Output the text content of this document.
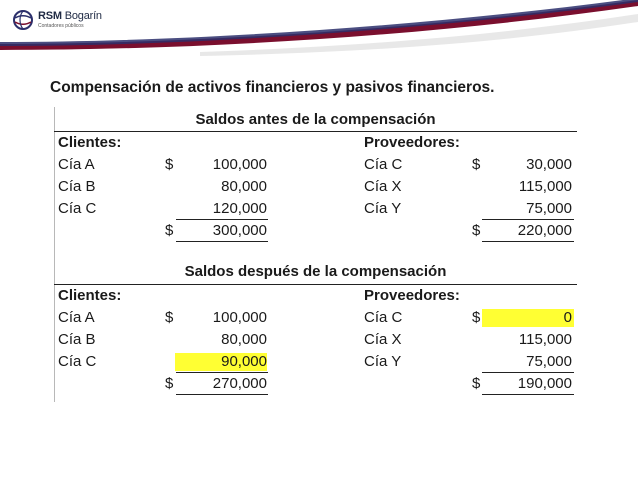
RSM Bogarín
Contadores públicos
Compensación de activos financieros y pasivos financieros.
Saldos antes de la compensación
Clientes:	Proveedores:
Cía A	$	100,000	Cía C	$	30,000
Cía B	80,000	Cía X	115,000
Cía C	120,000	Cía Y	75,000
$	300,000	$	220,000
Saldos después de la compensación
Clientes:	Proveedores:
Cía A	$	100,000	Cía C	$	0
Cía B	80,000	Cía X	115,000
Cía C	90,000	Cía Y	75,000
$	270,000	$	190,000
